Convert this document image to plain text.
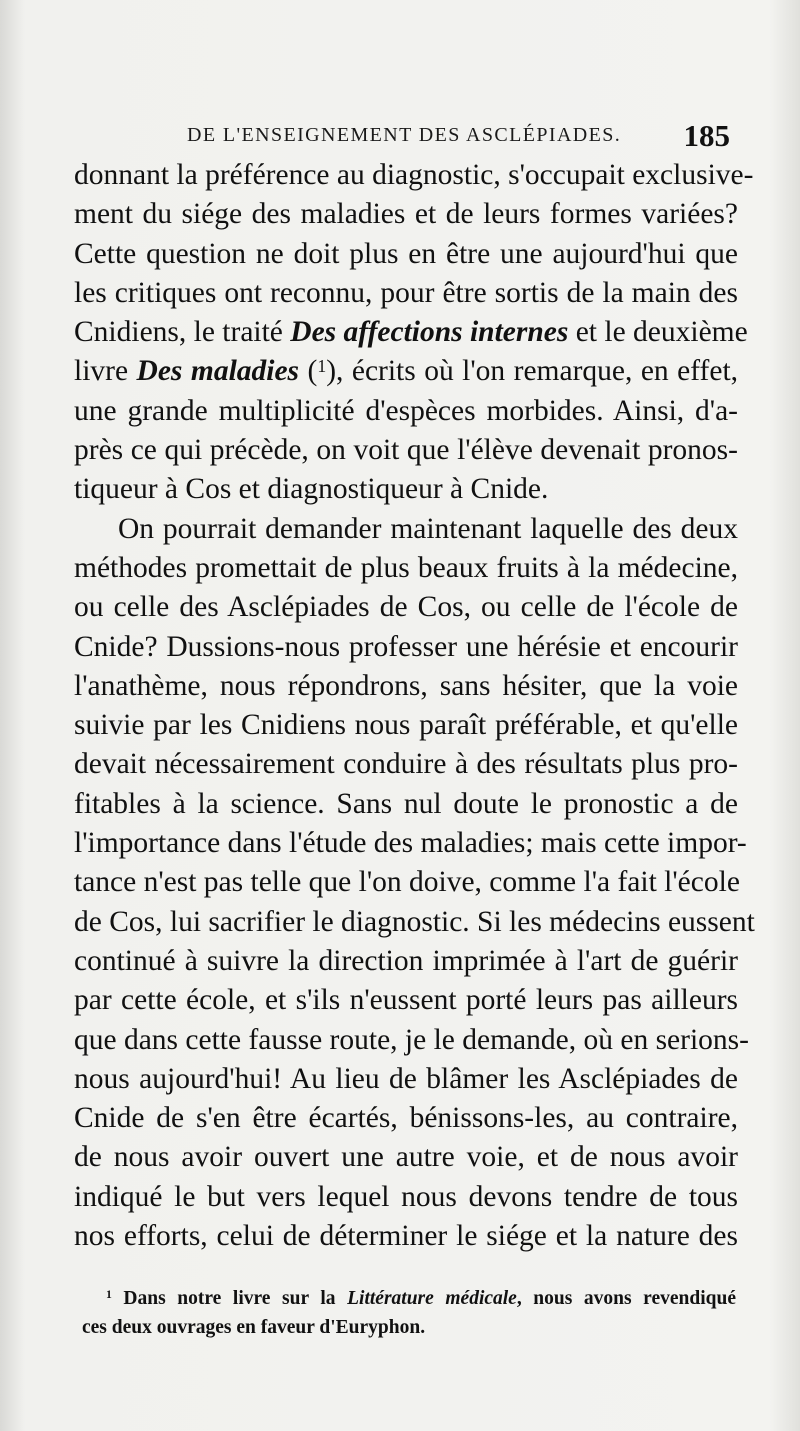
DE L'ENSEIGNEMENT DES ASCLÉPIADES. 185
donnant la préférence au diagnostic, s'occupait exclusive-
ment du siége des maladies et de leurs formes variées?
Cette question ne doit plus en être une aujourd'hui que
les critiques ont reconnu, pour être sortis de la main des
Cnidiens, le traité Des affections internes et le deuxième
livre Des maladies ($^1$), écrits où l'on remarque, en effet,
une grande multiplicité d'espèces morbides. Ainsi, d'a-
près ce qui précède, on voit que l'élève devenait pronos-
tiqueur à Cos et diagnostiqueur à Cnide.
On pourrait demander maintenant laquelle des deux
méthodes promettait de plus beaux fruits à la médecine,
ou celle des Asclépiades de Cos, ou celle de l'école de
Cnide? Dussions-nous professer une hérésie et encourir
l'anathème, nous répondrons, sans hésiter, que la voie
suivie par les Cnidiens nous paraît préférable, et qu'elle
devait nécessairement conduire à des résultats plus pro-
fitables à la science. Sans nul doute le pronostic a de
l'importance dans l'étude des maladies; mais cette impor-
tance n'est pas telle que l'on doive, comme l'a fait l'école
de Cos, lui sacrifier le diagnostic. Si les médecins eussent
continué à suivre la direction imprimée à l'art de guérir
par cette école, et s'ils n'eussent porté leurs pas ailleurs
que dans cette fausse route, je le demande, où en serions-
nous aujourd'hui! Au lieu de blâmer les Asclépiades de
Cnide de s'en être écartés, bénissons-les, au contraire,
de nous avoir ouvert une autre voie, et de nous avoir
indiqué le but vers lequel nous devons tendre de tous
nos efforts, celui de déterminer le siége et la nature des
$^1$ Dans notre livre sur la Littérature médicale, nous avons revendiqué
ces deux ouvrages en faveur d'Euryphon.
